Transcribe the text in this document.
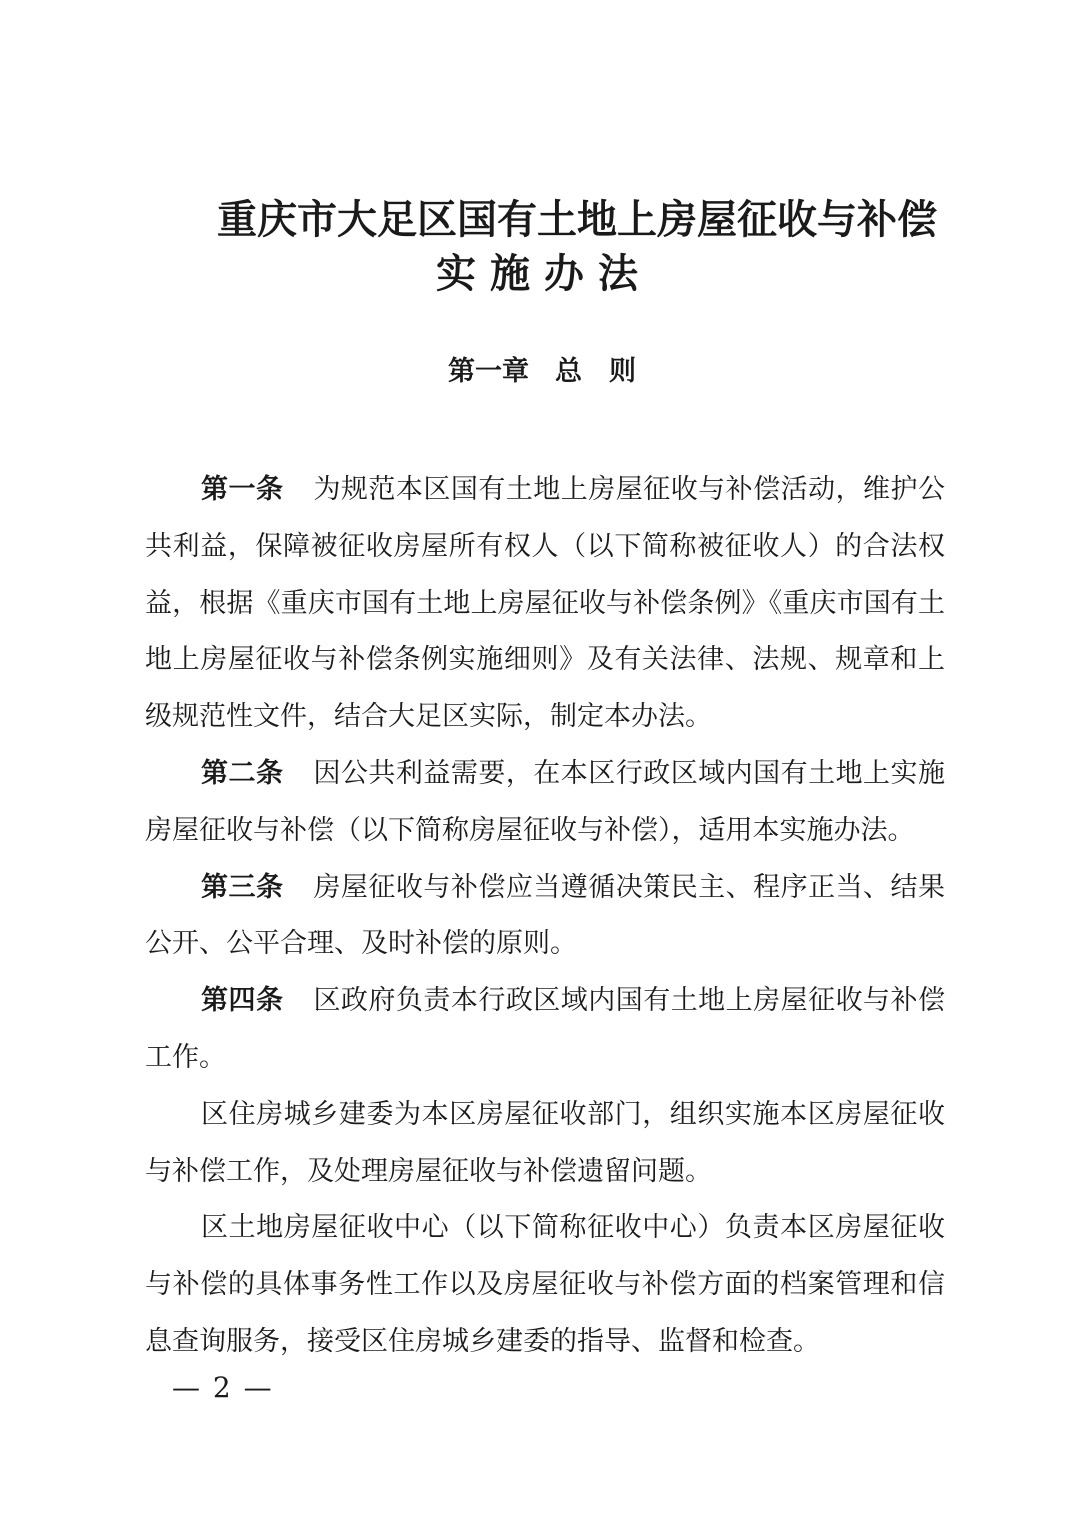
重庆市大足区国有土地上房屋征收与补偿
实施办法
第一章 总　则

第一条 为规范本区国有土地上房屋征收与补偿活动，维护公共利益，保障被征收房屋所有权人（以下简称被征收人）的合法权益，根据《重庆市国有土地上房屋征收与补偿条例》《重庆市国有土地上房屋征收与补偿条例实施细则》及有关法律、法规、规章和上级规范性文件，结合大足区实际，制定本办法。

第二条 因公共利益需要，在本区行政区域内国有土地上实施房屋征收与补偿（以下简称房屋征收与补偿），适用本实施办法。

第三条 房屋征收与补偿应当遵循决策民主、程序正当、结果公开、公平合理、及时补偿的原则。

第四条 区政府负责本行政区域内国有土地上房屋征收与补偿工作。

区住房城乡建委为本区房屋征收部门，组织实施本区房屋征收与补偿工作，及处理房屋征收与补偿遗留问题。

区土地房屋征收中心（以下简称征收中心）负责本区房屋征收与补偿的具体事务性工作以及房屋征收与补偿方面的档案管理和信息查询服务，接受区住房城乡建委的指导、监督和检查。

— 2 —
